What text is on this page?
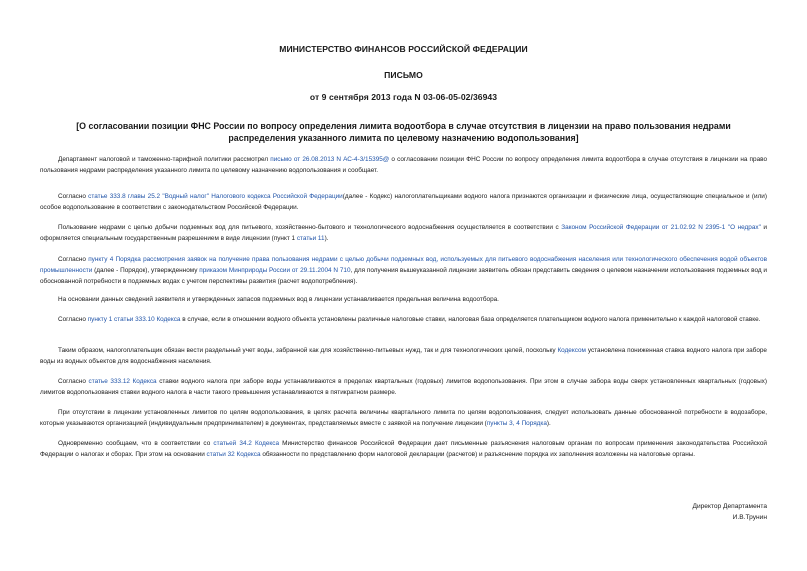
МИНИСТЕРСТВО ФИНАНСОВ РОССИЙСКОЙ ФЕДЕРАЦИИ
ПИСЬМО
от 9 сентября 2013 года N 03-06-05-02/36943
[О согласовании позиции ФНС России по вопросу определения лимита водоотбора в случае отсутствия в лицензии на право пользования недрами
распределения указанного лимита по целевому назначению водопользования]

Департамент налоговой и таможенно-тарифной политики рассмотрел письмо от 26.08.2013 N АС-4-3/15395@ о согласовании позиции ФНС России по вопросу определения лимита водоотбора в случае отсутствия в лицензии на право пользования недрами распределения указанного лимита по целевому назначению водопользования и сообщает.

Согласно статье 333.8 главы 25.2 "Водный налог" Налогового кодекса Российской Федерации(далее - Кодекс) налогоплательщиками водного налога признаются организации и физические лица, осуществляющие специальное и (или) особое водопользование в соответствии с законодательством Российской Федерации.

Пользование недрами с целью добычи подземных вод для питьевого, хозяйственно-бытового и технологического водоснабжения осуществляется в соответствии с Законом Российской Федерации от 21.02.92 N 2395-1 "О недрах" и оформляется специальным государственным разрешением в виде лицензии (пункт 1 статьи 11).

Согласно пункту 4 Порядка рассмотрения заявок на получение права пользования недрами с целью добычи подземных вод, используемых для питьевого водоснабжения населения или технологического обеспечения водой объектов промышленности (далее - Порядок), утвержденному приказом Минприроды России от 29.11.2004 N 710, для получения вышеуказанной лицензии заявитель обязан представить сведения о целевом назначении использования подземных вод и обоснованной потребности в подземных водах с учетом перспективы развития (расчет водопотребления).

На основании данных сведений заявителя и утвержденных запасов подземных вод в лицензии устанавливается предельная величина водоотбора.

Согласно пункту 1 статьи 333.10 Кодекса в случае, если в отношении водного объекта установлены различные налоговые ставки, налоговая база определяется плательщиком водного налога применительно к каждой налоговой ставке.

Таким образом, налогоплательщик обязан вести раздельный учет воды, забранной как для хозяйственно-питьевых нужд, так и для технологических целей, поскольку Кодексом установлена пониженная ставка водного налога при заборе воды из водных объектов для водоснабжения населения.

Согласно статье 333.12 Кодекса ставки водного налога при заборе воды устанавливаются в пределах квартальных (годовых) лимитов водопользования. При этом в случае забора воды сверх установленных квартальных (годовых) лимитов водопользования ставки водного налога в части такого превышения устанавливаются в пятикратном размере.

При отсутствии в лицензии установленных лимитов по целям водопользования, в целях расчета величины квартального лимита по целям водопользования, следует использовать данные обоснованной потребности в водозаборе, которые указываются организацией (индивидуальным предпринимателем) в документах, представляемых вместе с заявкой на получение лицензии (пункты 3, 4 Порядка).

Одновременно сообщаем, что в соответствии со статьей 34.2 Кодекса Министерство финансов Российской Федерации дает письменные разъяснения налоговым органам по вопросам применения законодательства Российской Федерации о налогах и сборах. При этом на основании статьи 32 Кодекса обязанности по представлению форм налоговой декларации (расчетов) и разъяснение порядка их заполнения возложены на налоговые органы.

Директор Департамента
И.В.Трунин
